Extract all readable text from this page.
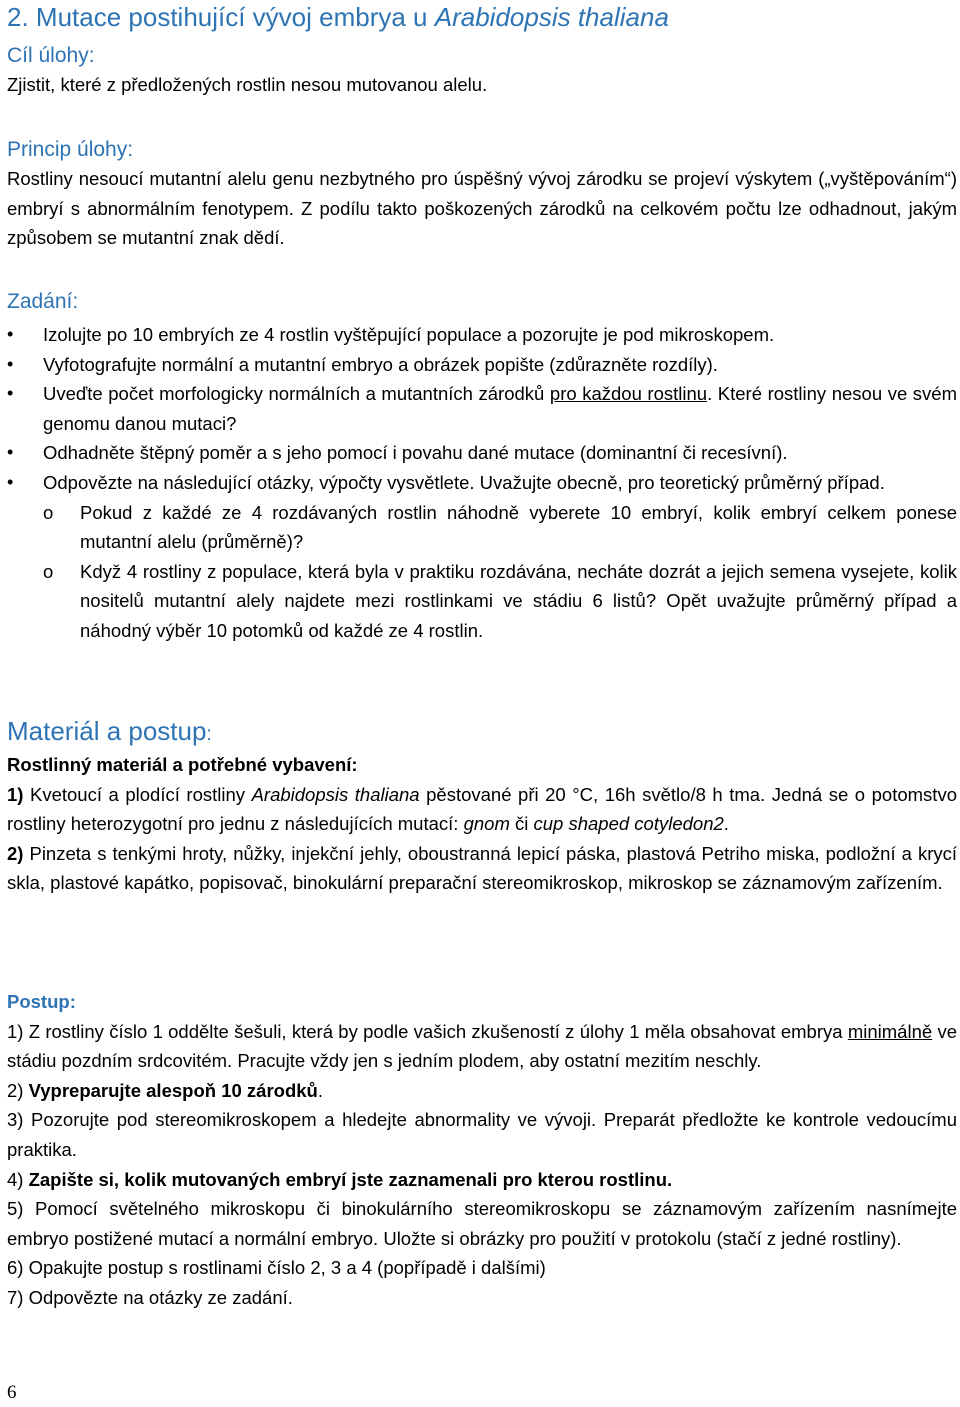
2. Mutace postihující vývoj embrya u Arabidopsis thaliana
Cíl úlohy:

Zjistit, které z předložených rostlin nesou mutovanou alelu.

Princip úlohy:

Rostliny nesoucí mutantní alelu genu nezbytného pro úspěšný vývoj zárodku se projeví výskytem („vyštěpováním“) embryí s abnormálním fenotypem. Z podílu takto poškozených zárodků na celkovém počtu lze odhadnout, jakým způsobem se mutantní znak dědí.

Zadání:
• Izolujte po 10 embryích ze 4 rostlin vyštěpující populace a pozorujte je pod mikroskopem.
• Vyfotografujte normální a mutantní embryo a obrázek popište (zdůrazněte rozdíly).
• Uveďte počet morfologicky normálních a mutantních zárodků pro každou rostlinu. Které rostliny nesou ve svém genomu danou mutaci?
• Odhadněte štěpný poměr a s jeho pomocí i povahu dané mutace (dominantní či recesívní).
• Odpovězte na následující otázky, výpočty vysvětlete. Uvažujte obecně, pro teoretický průměrný případ.
o Pokud z každé ze 4 rozdávaných rostlin náhodně vyberete 10 embryí, kolik embryí celkem ponese mutantní alelu (průměrně)?
o Když 4 rostliny z populace, která byla v praktiku rozdávána, necháte dozrát a jejich semena vysejete, kolik nositelů mutantní alely najdete mezi rostlinkami ve stádiu 6 listů? Opět uvažujte průměrný případ a náhodný výběr 10 potomků od každé ze 4 rostlin.
Materiál a postup:

Rostlinný materiál a potřebné vybavení:

1) Kvetoucí a plodící rostliny Arabidopsis thaliana pěstované při 20 °C, 16h světlo/8 h tma. Jedná se o potomstvo rostliny heterozygotní pro jednu z následujících mutací: gnom či cup shaped cotyledon2.

2) Pinzeta s tenkými hroty, nůžky, injekční jehly, oboustranná lepicí páska, plastová Petriho miska, podložní a krycí skla, plastové kapátko, popisovač, binokulární preparační stereomikroskop, mikroskop se záznamovým zařízením.

Postup:

1) Z rostliny číslo 1 oddělte šešuli, která by podle vašich zkušeností z úlohy 1 měla obsahovat embrya minimálně ve stádiu pozdním srdcovitém. Pracujte vždy jen s jedním plodem, aby ostatní mezitím neschly.

2) Vypreparujte alespoň 10 zárodků.

3) Pozorujte pod stereomikroskopem a hledejte abnormality ve vývoji. Preparát předložte ke kontrole vedoucímu praktika.

4) Zapište si, kolik mutovaných embryí jste zaznamenali pro kterou rostlinu.

5) Pomocí světelného mikroskopu či binokulárního stereomikroskopu se záznamovým zařízením nasnímejte embryo postižené mutací a normální embryo. Uložte si obrázky pro použití v protokolu (stačí z jedné rostliny).

6) Opakujte postup s rostlinami číslo 2, 3 a 4 (popřípadě i dalšími)

7) Odpovězte na otázky ze zadání.

6
